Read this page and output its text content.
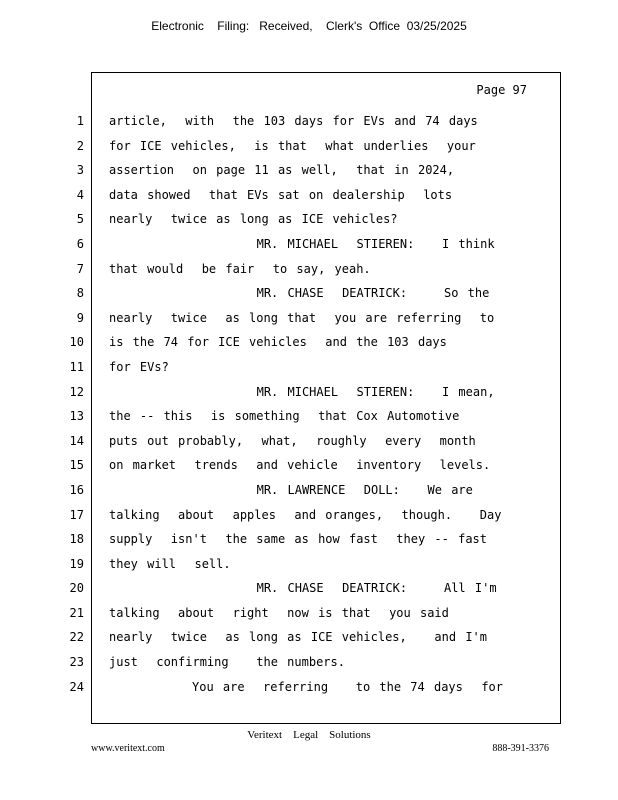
Electronic    Filing:   Received,    Clerk's  Office  03/25/2025
Page 97
1
2
3
4
5
6
7
8
9
10
11
12
13
14
15
16
17
18
19
20
21
22
23
24
article,  with  the 103 days for EVs and 74 days
for ICE vehicles,  is that  what underlies  your
assertion  on page 11 as well,  that in 2024,
data showed  that EVs sat on dealership  lots
nearly  twice as long as ICE vehicles?
MR. MICHAEL  STIEREN:   I think
that would  be fair  to say, yeah.
MR. CHASE  DEATRICK:    So the
nearly  twice  as long that  you are referring  to
is the 74 for ICE vehicles  and the 103 days
for EVs?
MR. MICHAEL  STIEREN:   I mean,
the -- this  is something  that Cox Automotive
puts out probably,  what,  roughly  every  month
on market  trends  and vehicle  inventory  levels.
MR. LAWRENCE  DOLL:   We are
talking  about  apples  and oranges,  though.   Day
supply  isn't  the same as how fast  they -- fast
they will  sell.
MR. CHASE  DEATRICK:    All I'm
talking  about  right  now is that  you said
nearly  twice  as long as ICE vehicles,   and I'm
just  confirming   the numbers.
You are  referring   to the 74 days  for
Veritext    Legal    Solutions
www.veritext.com	888-391-3376
